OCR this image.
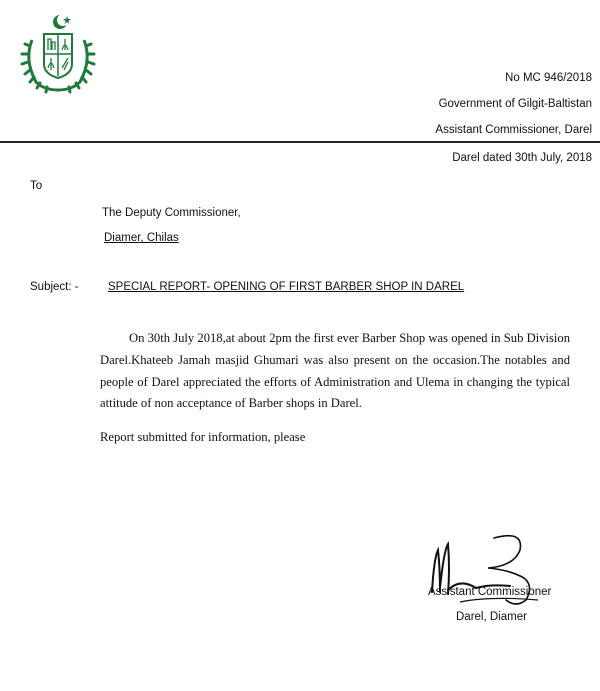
No MC 946/2018
Government of Gilgit-Baltistan
Assistant Commissioner, Darel
Darel dated 30th July, 2018
To
The Deputy Commissioner,
Diamer, Chilas
Subject: -	SPECIAL REPORT- OPENING OF FIRST BARBER SHOP IN DAREL
On 30th July 2018,at about 2pm the first ever Barber Shop was opened in Sub Division Darel.Khateeb Jamah masjid Ghumari was also present on the occasion.The notables and people of Darel appreciated the efforts of Administration and Ulema in changing the typical attitude of non acceptance of Barber shops in Darel.
Report submitted for information, please
Assistant Commissioner
Darel, Diamer
